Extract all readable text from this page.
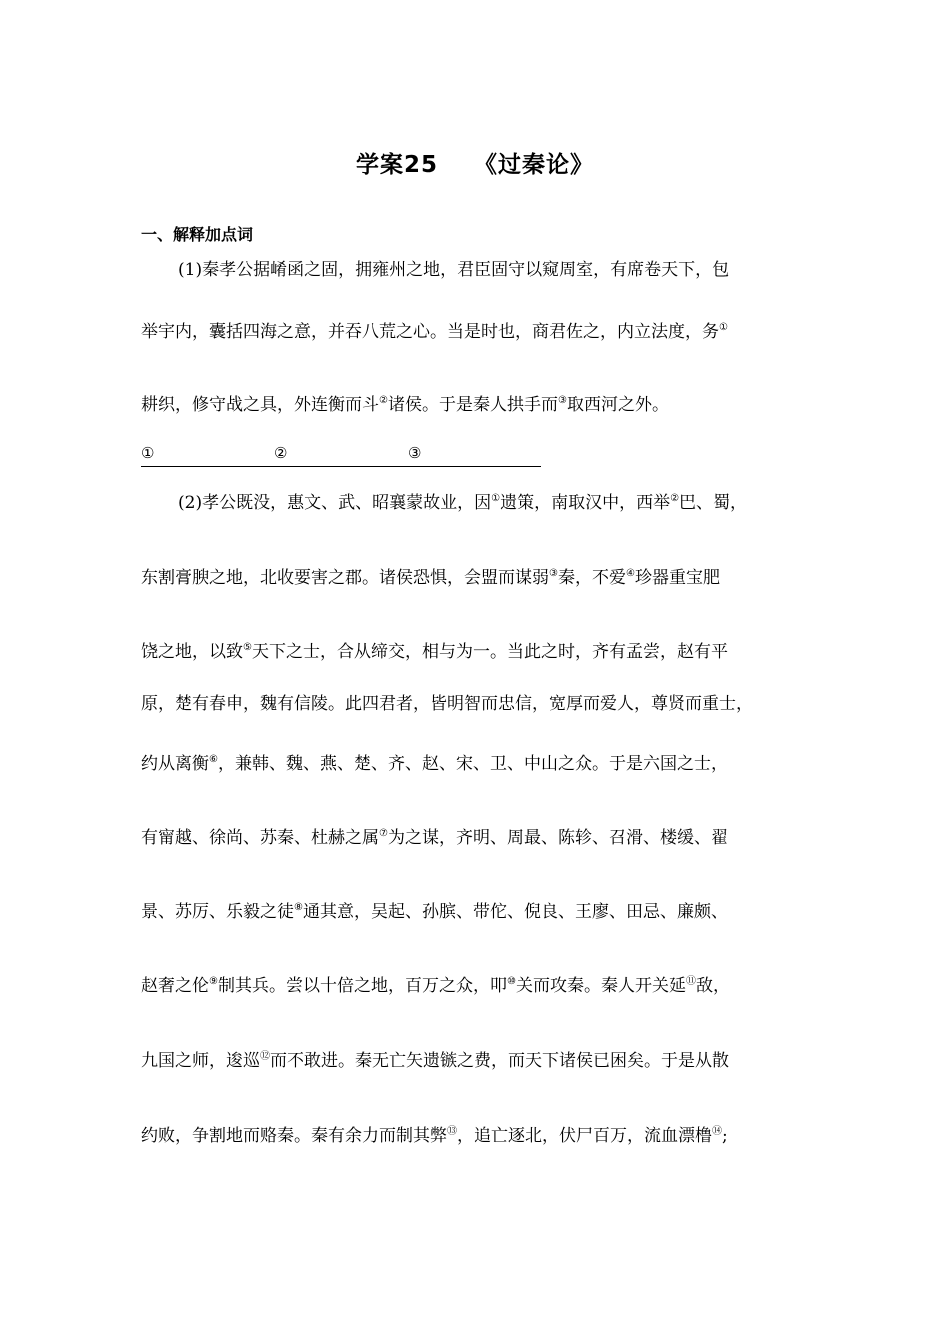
学案25 《过秦论》
一、解释加点词
(1)秦孝公据崤函之固，拥雍州之地，君臣固守以窥周室，有席卷天下，包
举宇内，囊括四海之意，并吞八荒之心。当是时也，商君佐之，内立法度，务①
耕织，修守战之具，外连衡而斗②诸侯。于是秦人拱手而③取西河之外。
①	②	③
(2)孝公既没，惠文、武、昭襄蒙故业，因①遗策，南取汉中，西举②巴、蜀，
东割膏腴之地，北收要害之郡。诸侯恐惧，会盟而谋弱③秦，不爱④珍器重宝肥
饶之地，以致⑤天下之士，合从缔交，相与为一。当此之时，齐有孟尝，赵有平
原，楚有春申，魏有信陵。此四君者，皆明智而忠信，宽厚而爱人，尊贤而重士，
约从离衡⑥，兼韩、魏、燕、楚、齐、赵、宋、卫、中山之众。于是六国之士，
有甯越、徐尚、苏秦、杜赫之属⑦为之谋，齐明、周最、陈轸、召滑、楼缓、翟
景、苏厉、乐毅之徒⑧通其意，吴起、孙膑、带佗、倪良、王廖、田忌、廉颇、
赵奢之伦⑨制其兵。尝以十倍之地，百万之众，叩⑩关而攻秦。秦人开关延⑪敌，
九国之师，逡巡⑫而不敢进。秦无亡矢遗镞之费，而天下诸侯已困矣。于是从散
约败，争割地而赂秦。秦有余力而制其弊⑬，追亡逐北，伏尸百万，流血漂橹⑭;
